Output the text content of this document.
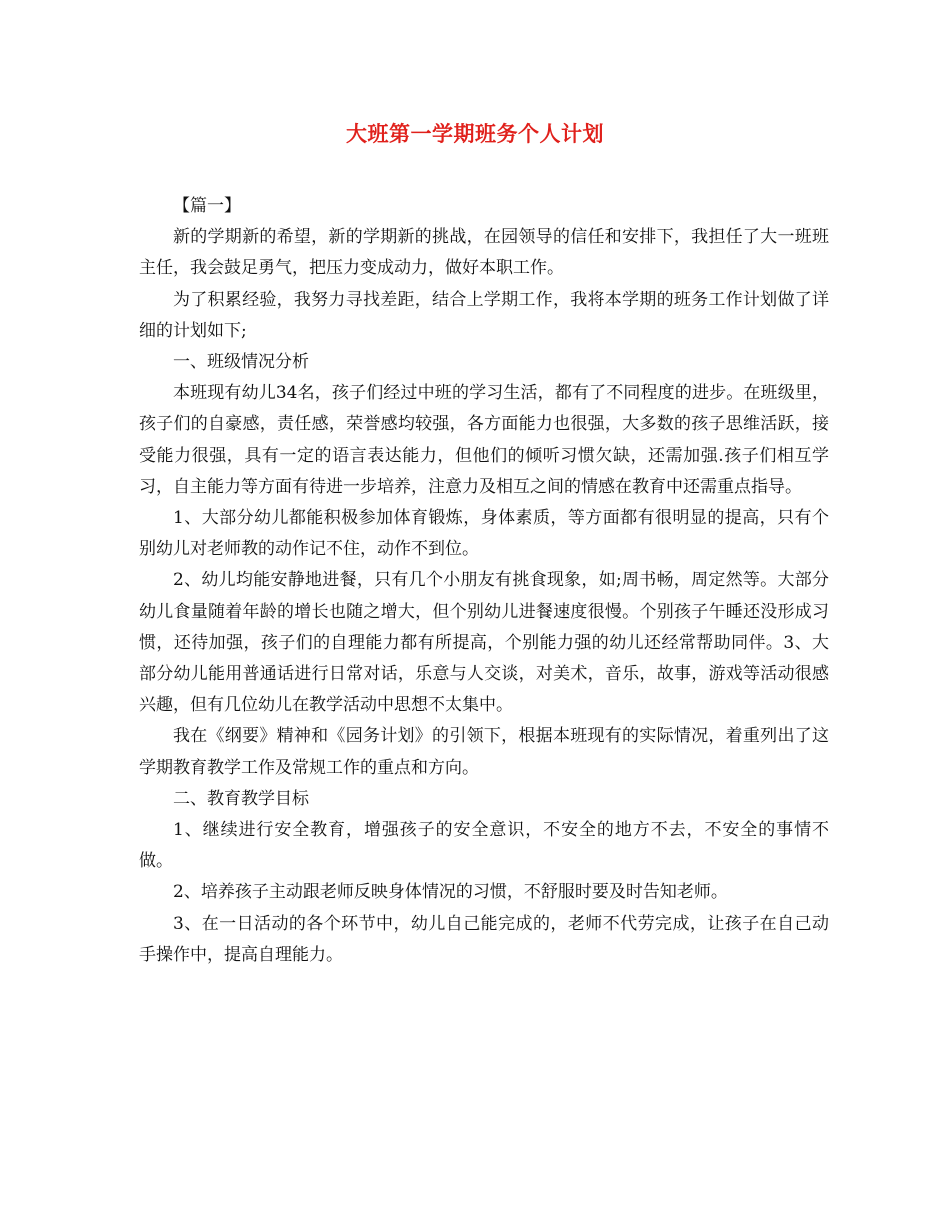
大班第一学期班务个人计划

【篇一】

新的学期新的希望，新的学期新的挑战，在园领导的信任和安排下，我担任了大一班班主任，我会鼓足勇气，把压力变成动力，做好本职工作。

为了积累经验，我努力寻找差距，结合上学期工作，我将本学期的班务工作计划做了详细的计划如下;

一、班级情况分析

本班现有幼儿34名，孩子们经过中班的学习生活，都有了不同程度的进步。在班级里，孩子们的自豪感，责任感，荣誉感均较强，各方面能力也很强，大多数的孩子思维活跃，接受能力很强，具有一定的语言表达能力，但他们的倾听习惯欠缺，还需加强.孩子们相互学习，自主能力等方面有待进一步培养，注意力及相互之间的情感在教育中还需重点指导。

1、大部分幼儿都能积极参加体育锻炼，身体素质，等方面都有很明显的提高，只有个别幼儿对老师教的动作记不住，动作不到位。

2、幼儿均能安静地进餐，只有几个小朋友有挑食现象，如;周书畅，周定然等。大部分幼儿食量随着年龄的增长也随之增大，但个别幼儿进餐速度很慢。个别孩子午睡还没形成习惯，还待加强，孩子们的自理能力都有所提高，个别能力强的幼儿还经常帮助同伴。3、大部分幼儿能用普通话进行日常对话，乐意与人交谈，对美术，音乐，故事，游戏等活动很感兴趣，但有几位幼儿在教学活动中思想不太集中。

我在《纲要》精神和《园务计划》的引领下，根据本班现有的实际情况，着重列出了这学期教育教学工作及常规工作的重点和方向。

二、教育教学目标

1、继续进行安全教育，增强孩子的安全意识，不安全的地方不去，不安全的事情不做。

2、培养孩子主动跟老师反映身体情况的习惯，不舒服时要及时告知老师。

3、在一日活动的各个环节中，幼儿自己能完成的，老师不代劳完成，让孩子在自己动手操作中，提高自理能力。
